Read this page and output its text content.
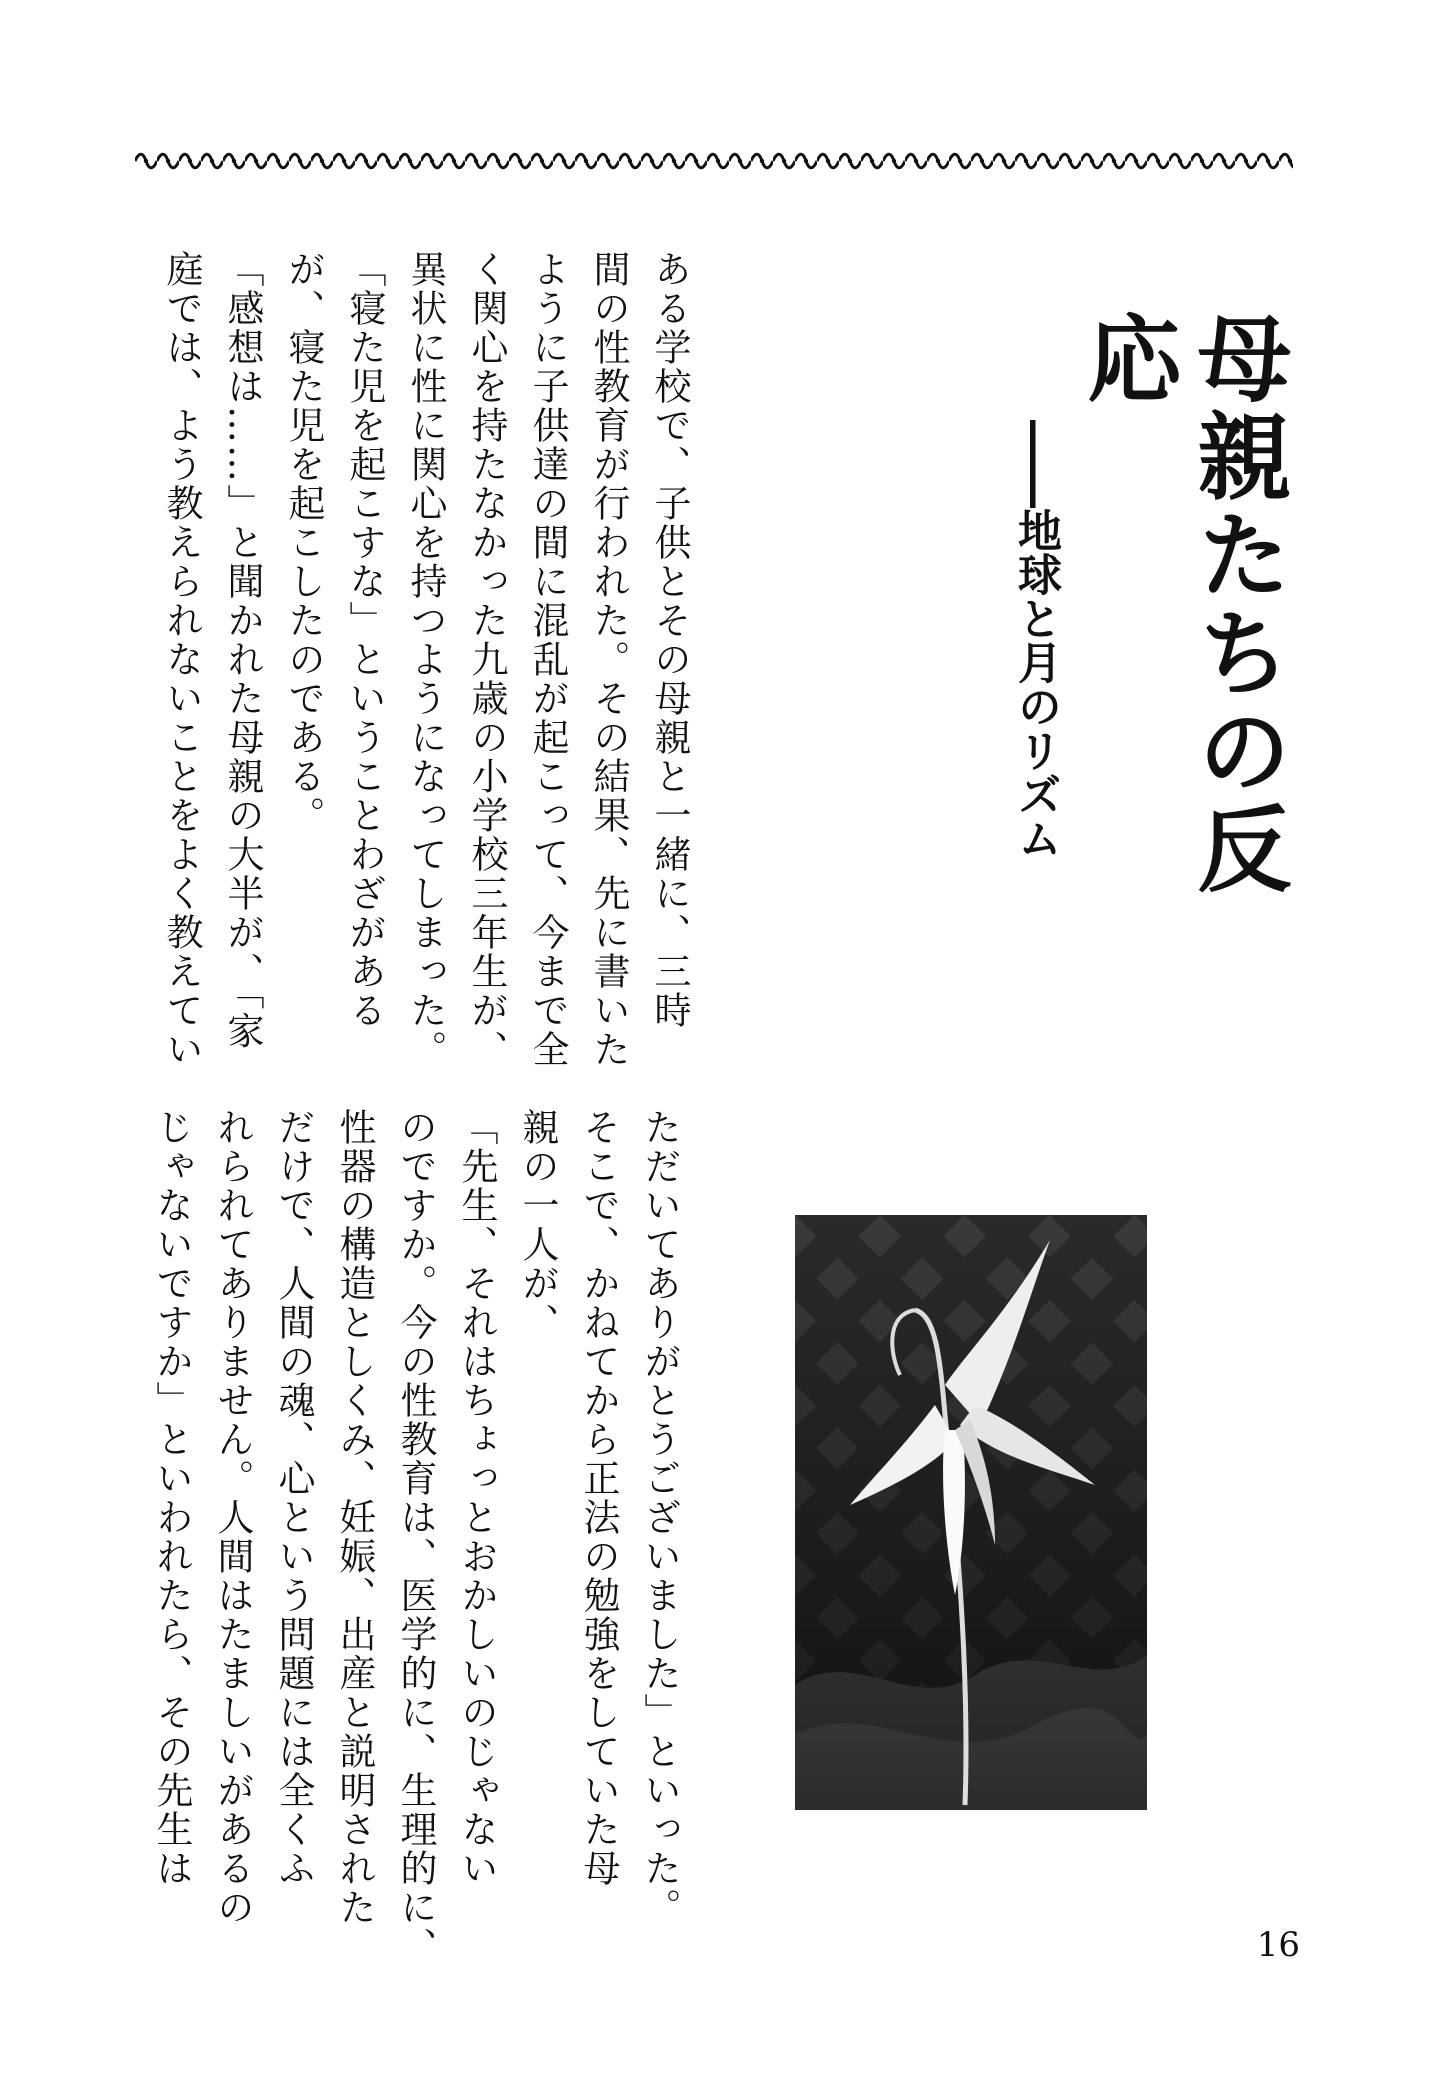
母親たちの反応
――地球と月のリズム

ある学校で、子供とその母親と一緒に、三時

間の性教育が行われた。その結果、先に書いた

ように子供達の間に混乱が起こって、今まで全

く関心を持たなかった九歳の小学校三年生が、

異状に性に関心を持つようになってしまった。

「寝た児を起こすな」ということわざがある

が、寝た児を起こしたのである。

「感想は……」と聞かれた母親の大半が、「家

庭では、よう教えられないことをよく教えてい

ただいてありがとうございました」といった。

そこで、かねてから正法の勉強をしていた母

親の一人が、

「先生、それはちょっとおかしいのじゃない

のですか。今の性教育は、医学的に、生理的に、

性器の構造としくみ、妊娠、出産と説明された

だけで、人間の魂、心という問題には全くふ

れられてありません。人間はたましいがあるの

じゃないですか」といわれたら、その先生は

16
